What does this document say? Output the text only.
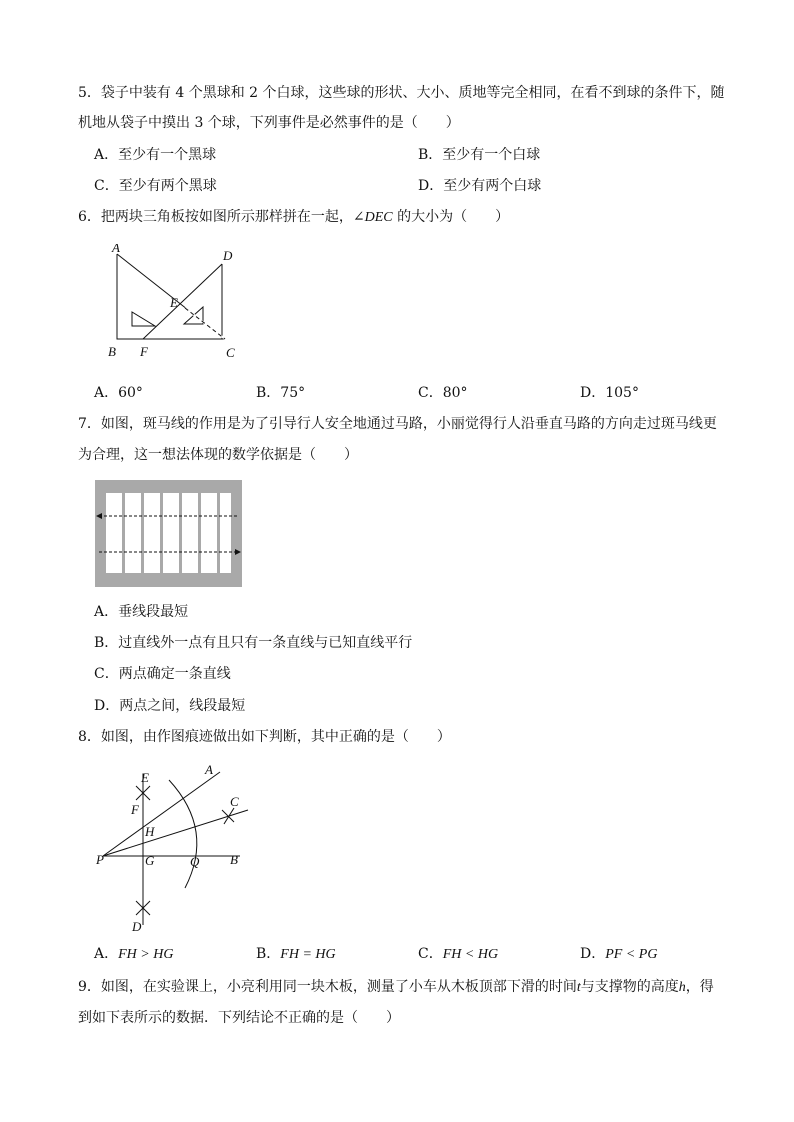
5．袋子中装有 4 个黑球和 2 个白球，这些球的形状、大小、质地等完全相同，在看不到球的条件下，随
机地从袋子中摸出 3 个球，下列事件是必然事件的是（　　）
A．至少有一个黑球	B．至少有一个白球
C．至少有两个黑球	D．至少有两个白球
6．把两块三角板按如图所示那样拼在一起，∠DEC 的大小为（　　）
A
B F	C
D
E
A．60°	B．75°	C．80°	D．105°
7．如图，斑马线的作用是为了引导行人安全地通过马路，小丽觉得行人沿垂直马路的方向走过斑马线更
为合理，这一想法体现的数学依据是（　　）
A．垂线段最短
B．过直线外一点有且只有一条直线与已知直线平行
C．两点确定一条直线
D．两点之间，线段最短
8．如图，由作图痕迹做出如下判断，其中正确的是（　　）
E
A
F
C
H
P	G	Q B
D
A．FH > HG	B．FH = HG	C．FH < HG	D．PF < PG
9．如图，在实验课上，小亮利用同一块木板，测量了小车从木板顶部下滑的时间t与支撑物的高度h，得
到如下表所示的数据．下列结论不正确的是（　　）
